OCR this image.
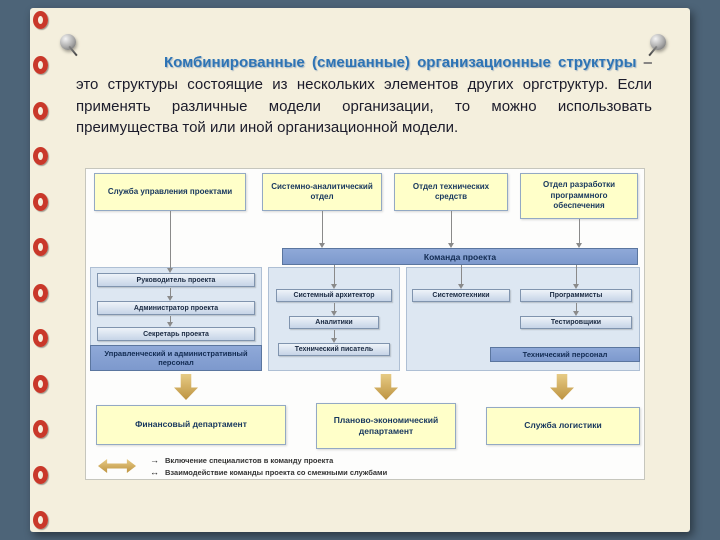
Комбинированные (смешанные) организационные структуры – это структуры состоящие из нескольких элементов других оргструктур. Если применять различные модели организации, то можно использовать преимущества той или иной организационной модели.

Служба управления проектами
Системно-аналитический отдел
Отдел технических средств
Отдел разработки программного обеспечения
Команда проекта
Руководитель проекта
Администратор проекта
Секретарь проекта
Управленческий и административный персонал
Системный архитектор
Аналитики
Технический писатель
Системотехники	Программисты
Тестировщики
Технический персонал
Финансовый департамент	Планово-экономический департамент
Служба логистики
→ Включение специалистов в команду проекта
↔ Взаимодействие команды проекта со смежными службами
